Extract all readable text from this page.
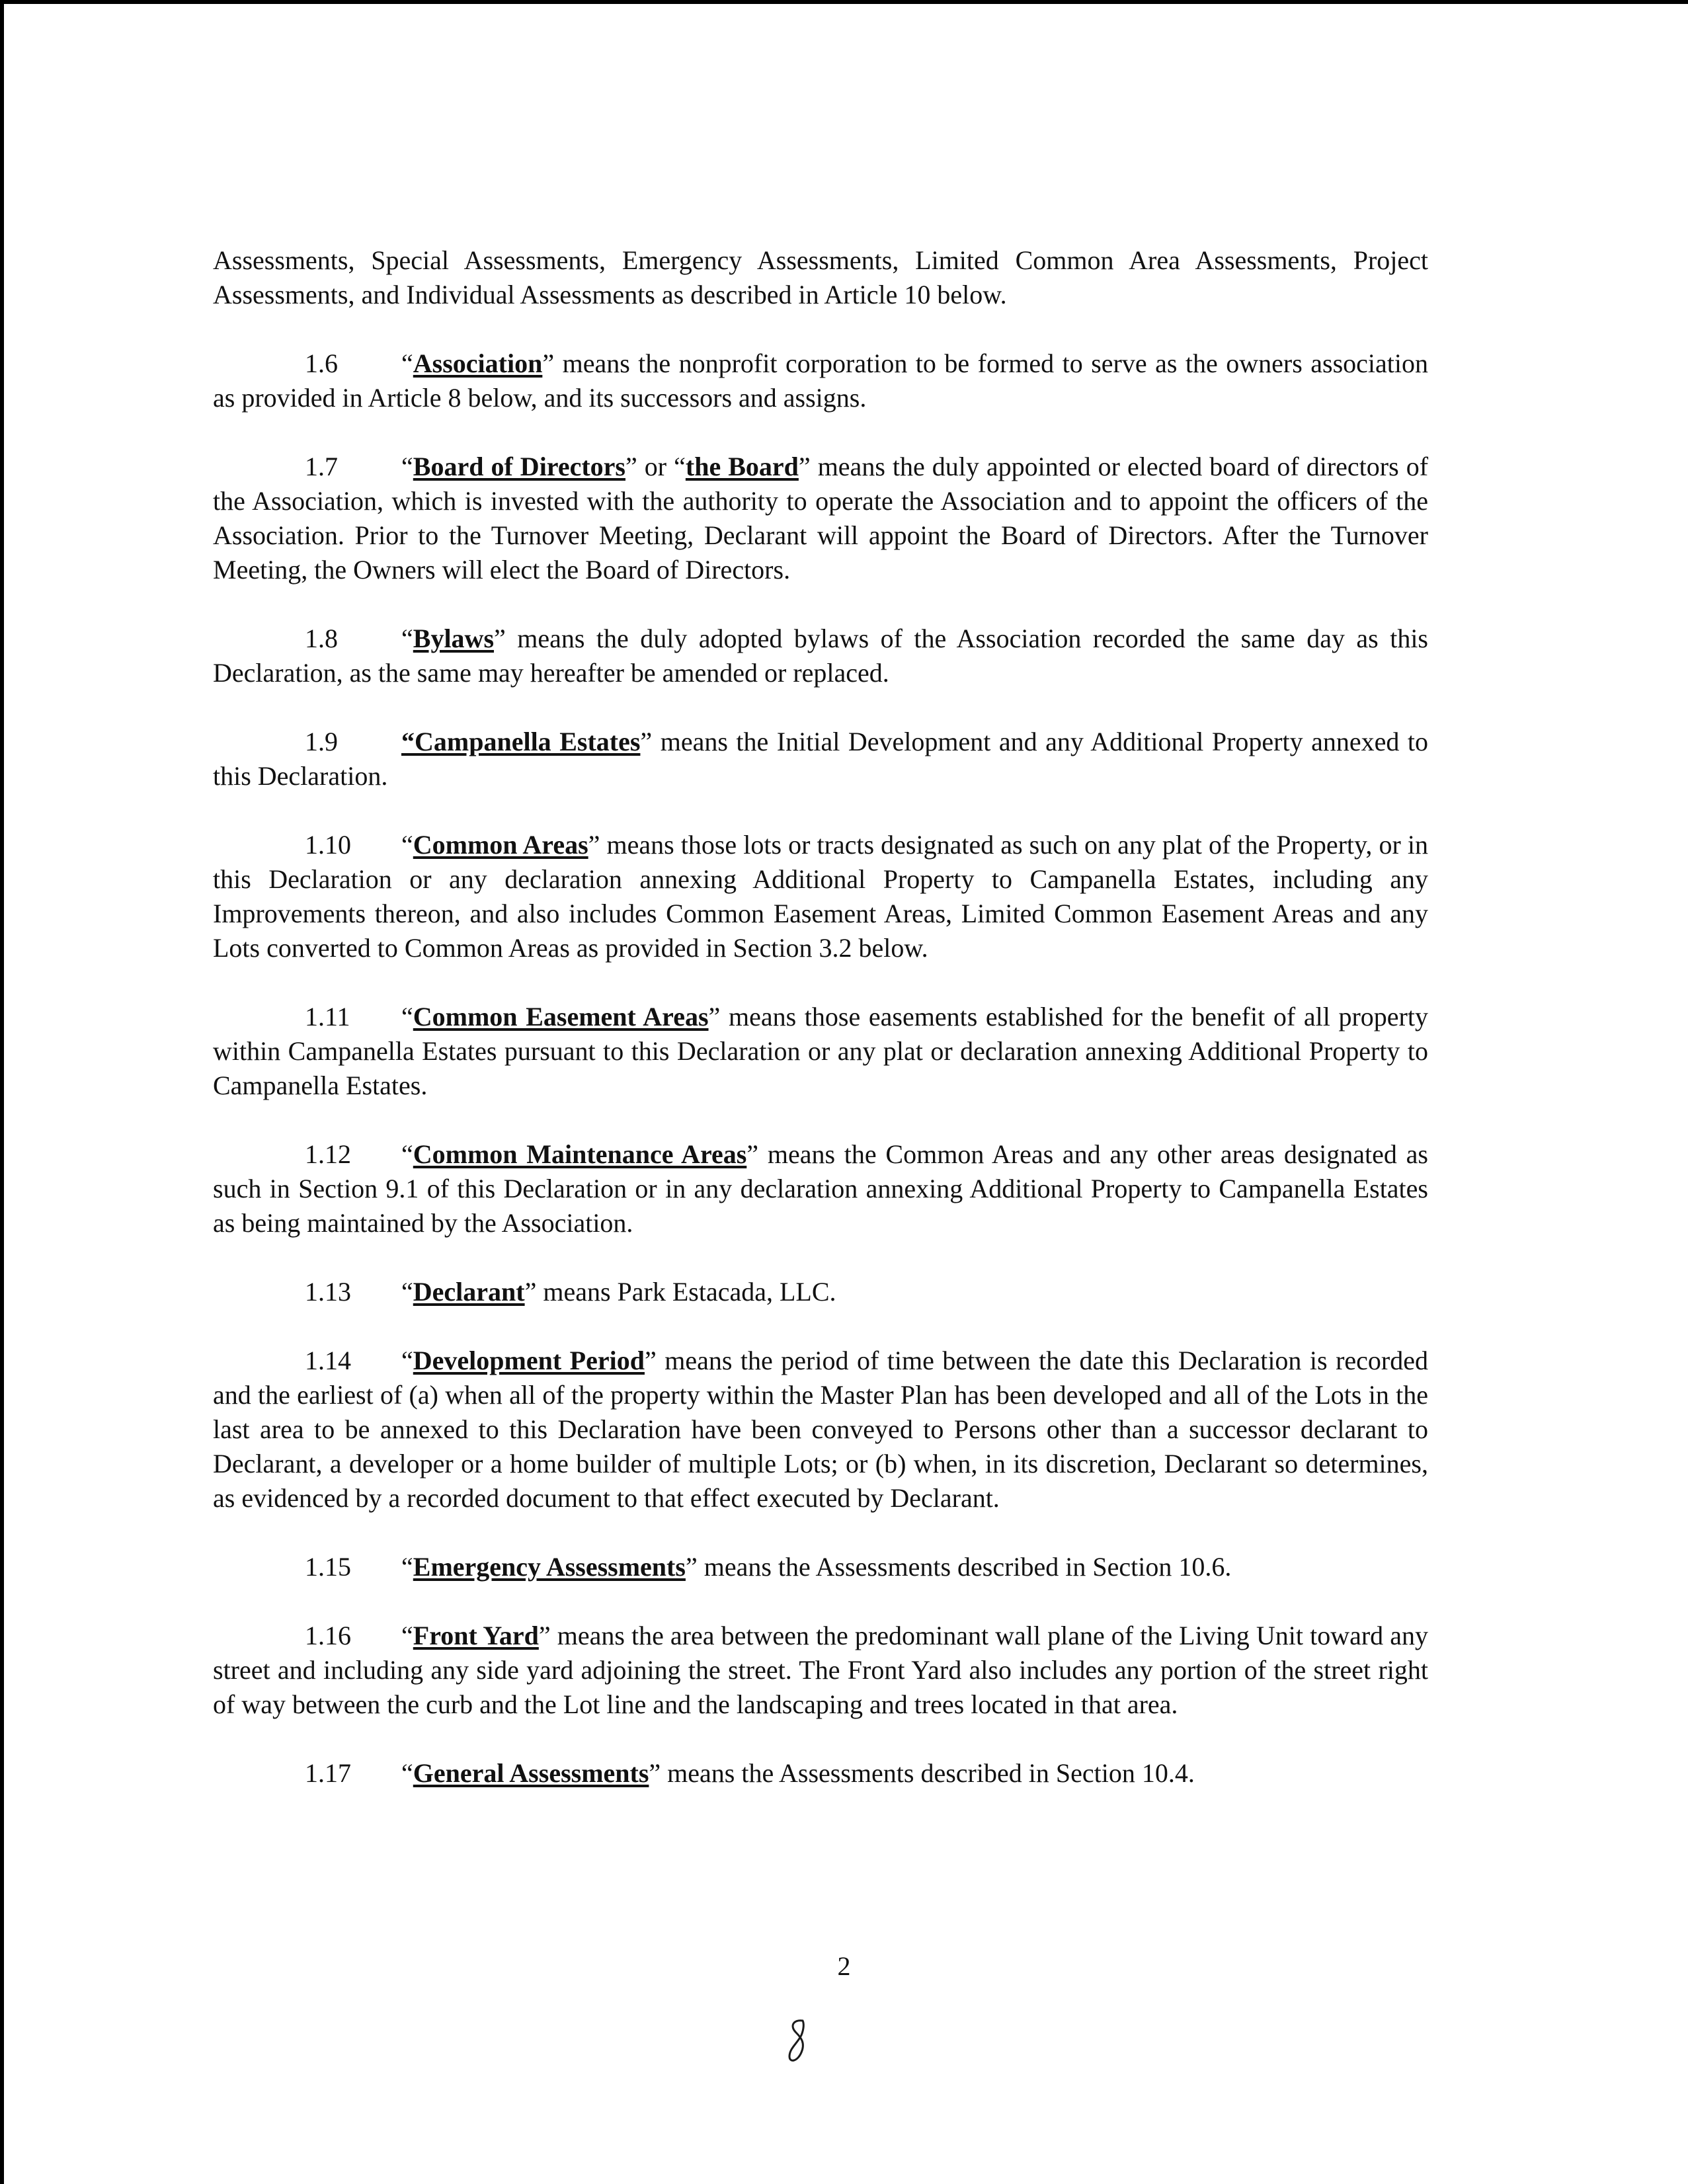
Assessments, Special Assessments, Emergency Assessments, Limited Common Area Assessments, Project Assessments, and Individual Assessments as described in Article 10 below.

1.6 “Association” means the nonprofit corporation to be formed to serve as the owners association as provided in Article 8 below, and its successors and assigns.

1.7 “Board of Directors” or “the Board” means the duly appointed or elected board of directors of the Association, which is invested with the authority to operate the Association and to appoint the officers of the Association. Prior to the Turnover Meeting, Declarant will appoint the Board of Directors. After the Turnover Meeting, the Owners will elect the Board of Directors.

1.8 “Bylaws” means the duly adopted bylaws of the Association recorded the same day as this Declaration, as the same may hereafter be amended or replaced.

1.9 “Campanella Estates” means the Initial Development and any Additional Property annexed to this Declaration.

1.10 “Common Areas” means those lots or tracts designated as such on any plat of the Property, or in this Declaration or any declaration annexing Additional Property to Campanella Estates, including any Improvements thereon, and also includes Common Easement Areas, Limited Common Easement Areas and any Lots converted to Common Areas as provided in Section 3.2 below.

1.11 “Common Easement Areas” means those easements established for the benefit of all property within Campanella Estates pursuant to this Declaration or any plat or declaration annexing Additional Property to Campanella Estates.

1.12 “Common Maintenance Areas” means the Common Areas and any other areas designated as such in Section 9.1 of this Declaration or in any declaration annexing Additional Property to Campanella Estates as being maintained by the Association.

1.13 “Declarant” means Park Estacada, LLC.

1.14 “Development Period” means the period of time between the date this Declaration is recorded and the earliest of (a) when all of the property within the Master Plan has been developed and all of the Lots in the last area to be annexed to this Declaration have been conveyed to Persons other than a successor declarant to Declarant, a developer or a home builder of multiple Lots; or (b) when, in its discretion, Declarant so determines, as evidenced by a recorded document to that effect executed by Declarant.

1.15 “Emergency Assessments” means the Assessments described in Section 10.6.

1.16 “Front Yard” means the area between the predominant wall plane of the Living Unit toward any street and including any side yard adjoining the street. The Front Yard also includes any portion of the street right of way between the curb and the Lot line and the landscaping and trees located in that area.

1.17 “General Assessments” means the Assessments described in Section 10.4.

2
